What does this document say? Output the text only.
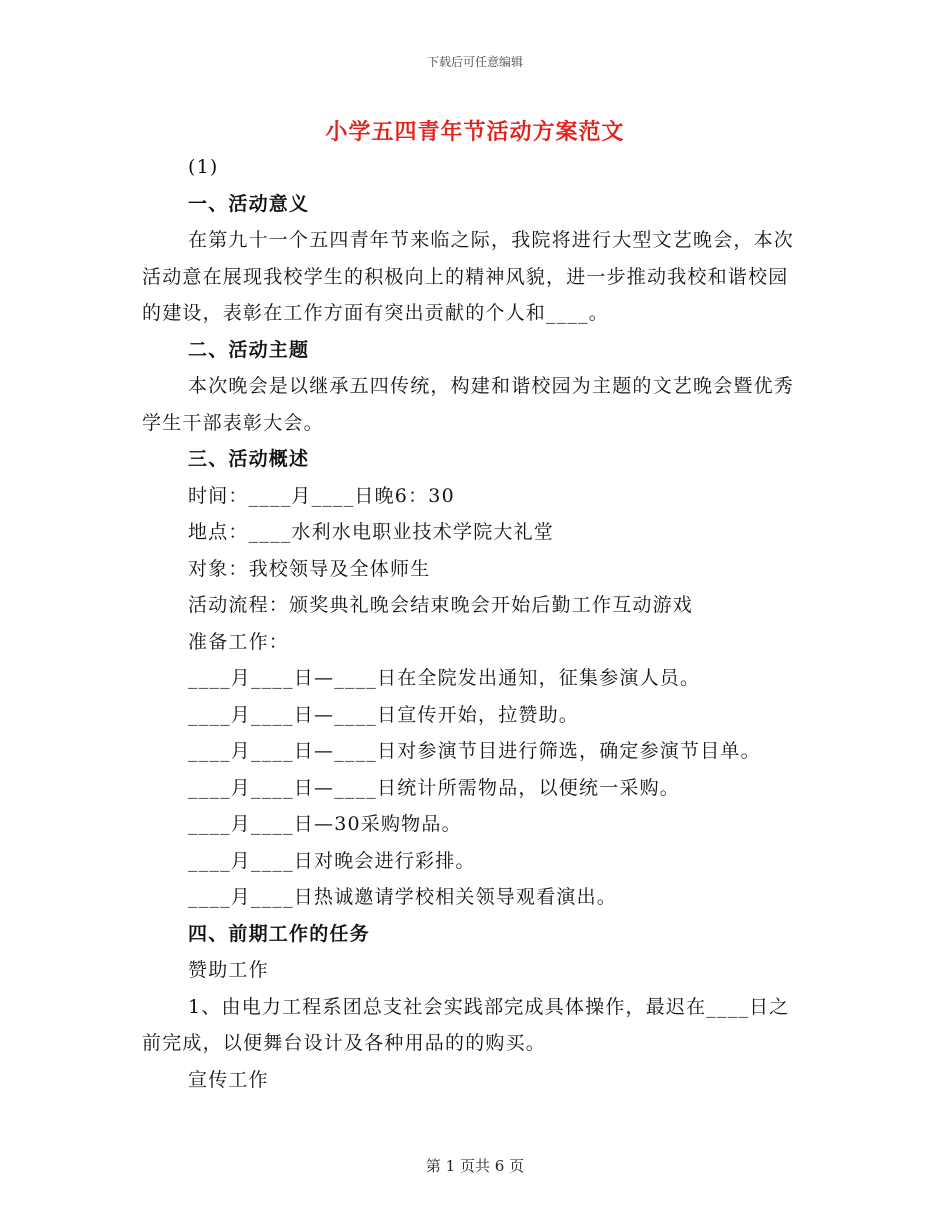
下载后可任意编辑
小学五四青年节活动方案范文

(1)

一、活动意义

在第九十一个五四青年节来临之际，我院将进行大型文艺晚会，本次活动意在展现我校学生的积极向上的精神风貌，进一步推动我校和谐校园的建设，表彰在工作方面有突出贡献的个人和____。

二、活动主题

本次晚会是以继承五四传统，构建和谐校园为主题的文艺晚会暨优秀学生干部表彰大会。

三、活动概述

时间：____月____日晚6：30

地点：____水利水电职业技术学院大礼堂

对象：我校领导及全体师生

活动流程：颁奖典礼晚会结束晚会开始后勤工作互动游戏

准备工作：

____月____日—____日在全院发出通知，征集参演人员。

____月____日—____日宣传开始，拉赞助。

____月____日—____日对参演节目进行筛选，确定参演节目单。

____月____日—____日统计所需物品，以便统一采购。

____月____日—30采购物品。

____月____日对晚会进行彩排。

____月____日热诚邀请学校相关领导观看演出。

四、前期工作的任务

赞助工作

1、由电力工程系团总支社会实践部完成具体操作，最迟在____日之前完成，以便舞台设计及各种用品的的购买。

宣传工作

第 1 页共 6 页
